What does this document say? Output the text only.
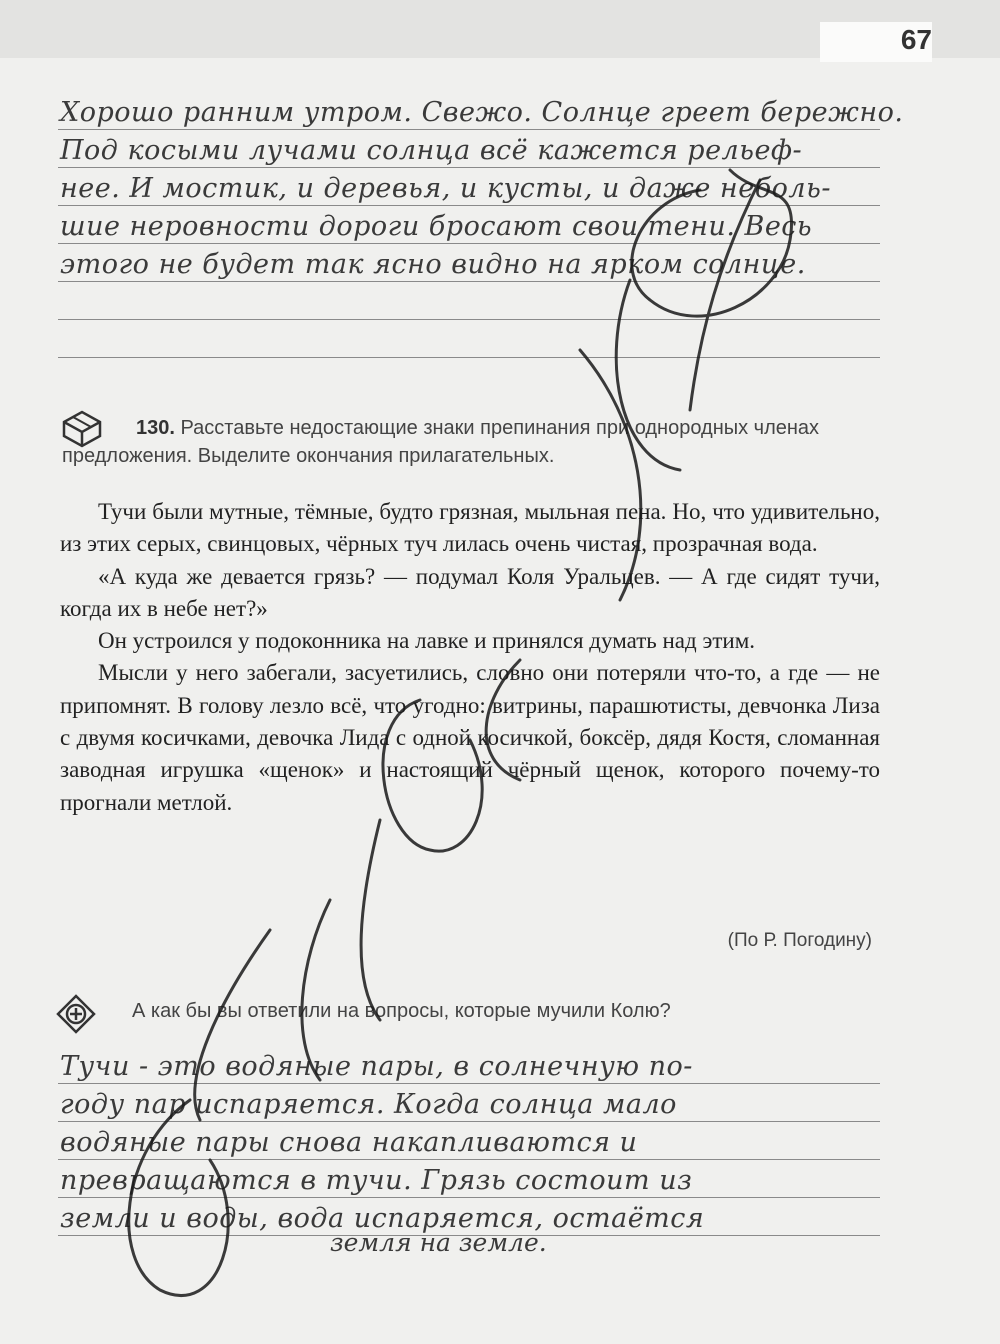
67
Хорошо ранним утром. Свежо. Солнце греет бережно.
Под косыми лучами солнца всё кажется рельеф-
нее. И мостик, и деревья, и кусты, и даже неболь-
шие неровности дороги бросают свои тени. Весь
этого не будет так ясно видно на ярком солнце.
130. Расставьте недостающие знаки препинания при однородных членах предложения. Выделите окончания прилагательных.

Тучи были мутные, тёмные, будто грязная, мыльная пена. Но, что удивительно, из этих серых, свинцовых, чёрных туч лилась очень чистая, прозрачная вода.

«А куда же девается грязь? — подумал Коля Уральцев. — А где сидят тучи, когда их в небе нет?»

Он устроился у подоконника на лавке и принялся думать над этим.

Мысли у него забегали, засуетились, словно они потеряли что-то, а где — не припомнят. В голову лезло всё, что угодно: витрины, парашютисты, девчонка Лиза с двумя косичками, девочка Лида с одной косичкой, боксёр, дядя Костя, сломанная заводная игрушка «щенок» и настоящий чёрный щенок, которого почему-то прогнали метлой.

(По Р. Погодину)
А как бы вы ответили на вопросы, которые мучили Колю?
Тучи - это водяные пары, в солнечную по-
году пар испаряется. Когда солнца мало
водяные пары снова накапливаются и
превращаются в тучи. Грязь состоит из
земли и воды, вода испаряется, остаётся
земля на земле.
